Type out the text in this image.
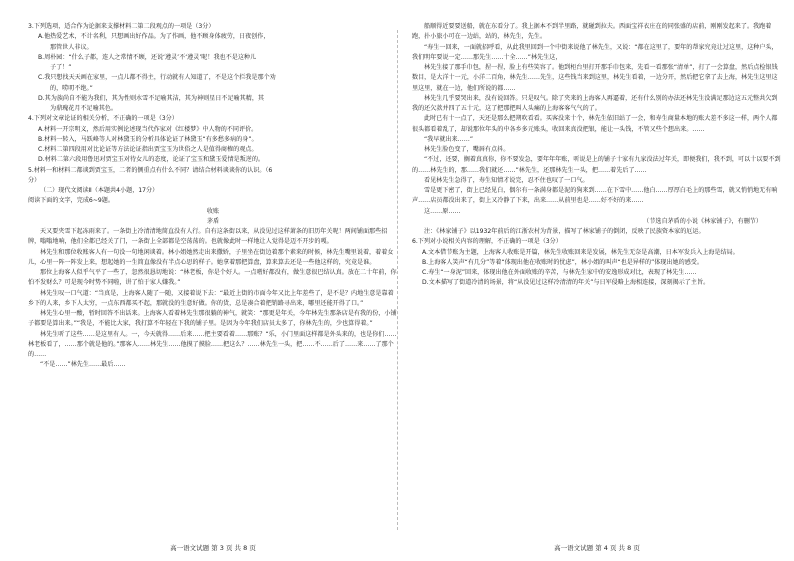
3.下列选项，适合作为论据来支撑材料二第二段观点的一项是（3分）

A.他热爱艺术，不计名利，只想画出好作品。为了作画，他不顾身体疲劳，日夜创作，

那管世人非议。

B.周朴园：“什么子都，连人之常情不顾，还说‘遵灵’不‘遵灵’呢！我也不是这种儿

子了！”

C.我只想找天天画在家里，一点儿都不得主，行动就有人知道了，不是这个拦我是那个劝

的，唠叨不绝。”

D.其为族尚自不能为我们，其为性则水雪不足喻其洁，其为神则星日不足喻其精，其

为鼎瑰花月不足喻其色。

4.下列对文章论证的相关分析，不正确的一项是（3分）

A.材料一开宗明义，然后用实例论述现当代作家对《红楼梦》中人物的不同评价。

B.材料一转入，马跃峰等人对林黛玉的分析具体论证了林黛玉“有多愁多病的身”。

C.材料二第四段用对比论证等方法论证指出贾宝玉为世俗之人是值得商榷的观点。

D.材料二第六段用鲁迅对贾宝玉对待女儿的态度，论证了宝玉和黛玉爱情是叛逆的。

5.材料一和材料二都谈到贾宝玉，二者的侧重点有什么不同？请结合材料谈谈你的认识。（6

分）

（二）现代文阅读Ⅱ（本题共4小题，17分）

阅读下面的文字，完成6~9题。

收账

茅盾

天又要夹雪下起冻雨来了。一条街上冷清清地简直没有人行。自有这条街以来，从没见过这样萧条的旧历年关呢！两间铺面那些招牌，嗡嗡地响，他们全都已经关了门，一条街上全部都是空荡荡的。也就像此时一样地让人觉得是迈不开步的嘎。

林先生和那位收账客人有一句没一句地闲谈着。林小姐她然走出来撒娇，子里坐在街边着那个素来的时候，林先生嘴里说着，着着女儿，心里一阵一阵发上来，想起她的一生简直像没有半点心思的样子。她拿着那把算盘，算来算去还是一些他这样的，究竟是谁。

那位上海客人似乎气平了一些了，忽然很恳切地说：“林老板，你是个好人。一点嗜好都没有，做生意很巴结认真。放在二十年前，你怕不发财么？可是现今时势不同啦，讲了怕于家人嫌我。”

林先生叹一口气道：“当真是，上海客人随了一随，又接着说下去：“最近上街的市面今年又比上年差些了，是不是？内地生意是靠着乡下的人来，乡下人太穷，一点东西都买不起，那就没的生意好做。你的货，总是凑合着把销路寻出来，哪里还能开得了口。”

林先生心里一酸，暂时回答不出话来。上海客人看着林先生那很躺的神气，就笑：“那更是年关，今年林先生那条店是有我的份，小铺子都要是算出来。”“我是，不能比大家，我打算不年轻在下我的铺子里。是因为今年我们店员太多了，你林先生的，少也算得着。”

林先生听了这些……是这里有人。一，今天就得……后来……把主要看着……那账？“乐，小门里面这样都是外头来的，也是你们……林老板看了，……那个就是他的。”那客人……林先生……他摸了摸脸……把这么？……林先生一头，把……不……后了……来……了那个的……

“不是……”林先生……最后……

高一语文试题 第 3 页 共 8 页

船顺得近要要送船，就在东看分了。我上据本不到半里路，就碰到拉夫。西面宝祥衣庄在的同张盛的店前，刚刚发起来了。我跑着跑，扑小旅小可在一边站，站的，林先生，先生。

“寿生一回来，一面就招呼看，从此我里回到一个中街来说他了林先生，又说：“都在这里了，要年的帮家究竟让过这里，这种户头，我们明年要说一定……那先生……十全……”林先生这，

林先生接了那手巾包，捏一捏，脸上有些笑容了。他到柜台里打开那手巾包来，先看一看那张“清单”，打了一会算盘，然后点检银钱数目，是大洋十一元，小洋二百角，林先生……先生，这些钱当来到这里，林先生看着，一边分开，然后把它拿了去上海，林先生这里这里这里，就在一边，他们所说的都……

林先生几乎要哭出来，没有说回答。只是叹气。除了夹来的上海客人再逼着，还有什么别的办法还林先生没满足那边这五元整共欠到我的还欠款并四了五十元，这了把那把叫人头痛的上海客客气气的了。

此时已有十一点了，天还是那么把朔吹看看。买客没来十个，林先生依旧站了一会，和寿生商量本地的账大差不多这一样，两个人都很头都看着乱了，却说那位年头的中各乡多元账头，收回来真没把银，能让一头钱，不管又些个想出来。……

“我早就出来……”

林先生脸色变了，嘴唇有点抖。

“不过，还要，搁着真真你，你不要发急，要年年年账，听说是上的铺子十家有九家没法过年关，即便我们，我不到，可以十以要不到的……林先生的，那……我们就还……”林先生，还那林先生一头，把……着先后了……

看见林先生急得了，寿生知情才说完，忍不住也叹了一口气。

雪是更下密了，街上已经见白，偶尔有一条满身都是泥的狗来到……在下雪中……他白……厚厚白毛上的那些雪，就又悄悄地无有响声……店员都没出来了，街上又冷静了下来，出来……从前里也是……好不好的来……

这……原……

（节选自茅盾的小说《林家铺子》，有删节）

注：《林家铺子》以1932年前后的江浙农村为背景，描写了林家铺子的倒闭，反映了民族资本家的厄运。

6.下列对小说相关内容的理解，不正确的一项是（3分）

A.文本借节账为主题，上海客人收账是开篇，林先生收账回来是发展，林先生无奈是高潮，日本军发兵入上海是结局。

B.上海客人笑声“有几分”等着“体现出他在收账时的忧虑”，林小姐的叫声“也是异样的”体现出她的感受。

C.寿生“一身泥”回来，体现出他在外面收账的辛苦，与林先生家中的安逸形成对比，表现了林先生……

D.文本描写了街道冷清的场景，将“从没见过这样冷清清的年关”与日军侵略上海相连接，深刻揭示了主旨。

高一语文试题 第 4 页 共 8 页
